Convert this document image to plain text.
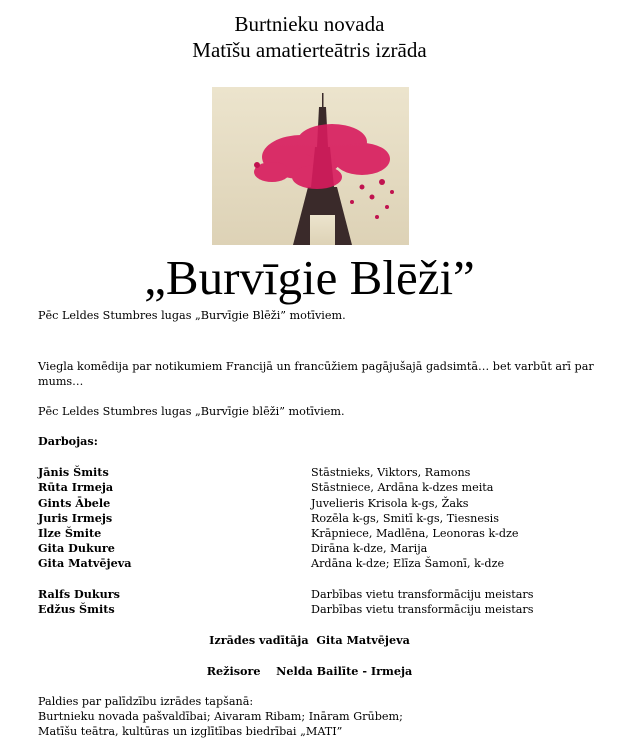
Burtnieku novada
Matīšu amatierteātris izrāda
„Burvīgie Blēži”
Pēc Leldes Stumbres lugas „Burvīgie Blēži” motīviem.
Viegla komēdija par notikumiem Francijā un francūžiem pagājušajā gadsimtā… bet varbūt arī par mums…
Pēc Leldes Stumbres lugas „Burvīgie blēži” motīviem.
Darbojas:
Jānis Šmits	Stāstnieks, Viktors, Ramons
Rūta Irmeja	Stāstniece, Ardāna k-dzes meita
Gints Ābele	Juvelieris Krisola k-gs, Žaks
Juris Irmejs	Rozēla k-gs, Smitī k-gs, Tiesnesis
Ilze Šmite	Krāpniece, Madlēna, Leonoras k-dze
Gita Dukure	Dirāna k-dze, Marija
Gita Matvējeva	Ardāna k-dze; Elīza Šamonī, k-dze
Ralfs Dukurs	Darbības vietu transformāciju meistars
Edžus Šmits	Darbības vietu transformāciju meistars
Izrādes vadītāja Gita Matvējeva
Režisore Nelda Bailīte - Irmeja
Paldies par palīdzību izrādes tapšanā:
Burtnieku novada pašvaldībai; Aivaram Ribam; Ināram Grūbem;
Matīšu teātra, kultūras un izglītības biedrībai „MATI”
